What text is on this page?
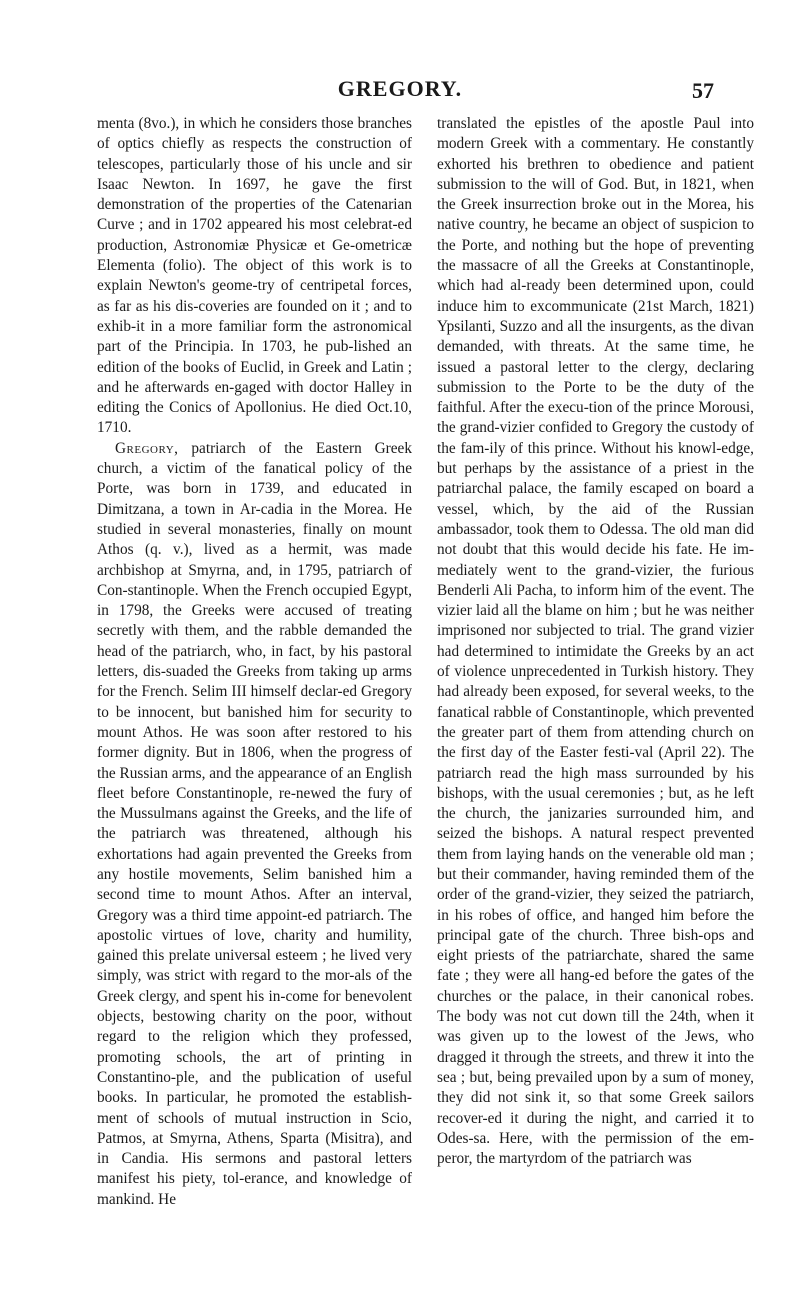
GREGORY.	57

menta (8vo.), in which he considers those branches of optics chiefly as respects the construction of telescopes, particularly those of his uncle and sir Isaac Newton. In 1697, he gave the first demonstration of the properties of the Catenarian Curve ; and in 1702 appeared his most celebrat-ed production, Astronomiæ Physicæ et Ge-ometricæ Elementa (folio). The object of this work is to explain Newton's geome-try of centripetal forces, as far as his dis-coveries are founded on it ; and to exhib-it in a more familiar form the astronomical part of the Principia. In 1703, he pub-lished an edition of the books of Euclid, in Greek and Latin ; and he afterwards en-gaged with doctor Halley in editing the Conics of Apollonius. He died Oct.10, 1710.

Gregory, patriarch of the Eastern Greek church, a victim of the fanatical policy of the Porte, was born in 1739, and educated in Dimitzana, a town in Ar-cadia in the Morea. He studied in several monasteries, finally on mount Athos (q. v.), lived as a hermit, was made archbishop at Smyrna, and, in 1795, patriarch of Con-stantinople. When the French occupied Egypt, in 1798, the Greeks were accused of treating secretly with them, and the rabble demanded the head of the patriarch, who, in fact, by his pastoral letters, dis-suaded the Greeks from taking up arms for the French. Selim III himself declar-ed Gregory to be innocent, but banished him for security to mount Athos. He was soon after restored to his former dignity. But in 1806, when the progress of the Russian arms, and the appearance of an English fleet before Constantinople, re-newed the fury of the Mussulmans against the Greeks, and the life of the patriarch was threatened, although his exhortations had again prevented the Greeks from any hostile movements, Selim banished him a second time to mount Athos. After an interval, Gregory was a third time appoint-ed patriarch. The apostolic virtues of love, charity and humility, gained this prelate universal esteem ; he lived very simply, was strict with regard to the mor-als of the Greek clergy, and spent his in-come for benevolent objects, bestowing charity on the poor, without regard to the religion which they professed, promoting schools, the art of printing in Constantino-ple, and the publication of useful books. In particular, he promoted the establish-ment of schools of mutual instruction in Scio, Patmos, at Smyrna, Athens, Sparta (Misitra), and in Candia. His sermons and pastoral letters manifest his piety, tol-erance, and knowledge of mankind. He

translated the epistles of the apostle Paul into modern Greek with a commentary. He constantly exhorted his brethren to obedience and patient submission to the will of God. But, in 1821, when the Greek insurrection broke out in the Morea, his native country, he became an object of suspicion to the Porte, and nothing but the hope of preventing the massacre of all the Greeks at Constantinople, which had al-ready been determined upon, could induce him to excommunicate (21st March, 1821) Ypsilanti, Suzzo and all the insurgents, as the divan demanded, with threats. At the same time, he issued a pastoral letter to the clergy, declaring submission to the Porte to be the duty of the faithful. After the execu-tion of the prince Morousi, the grand-vizier confided to Gregory the custody of the fam-ily of this prince. Without his knowl-edge, but perhaps by the assistance of a priest in the patriarchal palace, the family escaped on board a vessel, which, by the aid of the Russian ambassador, took them to Odessa. The old man did not doubt that this would decide his fate. He im-mediately went to the grand-vizier, the furious Benderli Ali Pacha, to inform him of the event. The vizier laid all the blame on him ; but he was neither imprisoned nor subjected to trial. The grand vizier had determined to intimidate the Greeks by an act of violence unprecedented in Turkish history. They had already been exposed, for several weeks, to the fanatical rabble of Constantinople, which prevented the greater part of them from attending church on the first day of the Easter festi-val (April 22). The patriarch read the high mass surrounded by his bishops, with the usual ceremonies ; but, as he left the church, the janizaries surrounded him, and seized the bishops. A natural respect prevented them from laying hands on the venerable old man ; but their commander, having reminded them of the order of the grand-vizier, they seized the patriarch, in his robes of office, and hanged him before the principal gate of the church. Three bish-ops and eight priests of the patriarchate, shared the same fate ; they were all hang-ed before the gates of the churches or the palace, in their canonical robes. The body was not cut down till the 24th, when it was given up to the lowest of the Jews, who dragged it through the streets, and threw it into the sea ; but, being prevailed upon by a sum of money, they did not sink it, so that some Greek sailors recover-ed it during the night, and carried it to Odes-sa. Here, with the permission of the em-peror, the martyrdom of the patriarch was
